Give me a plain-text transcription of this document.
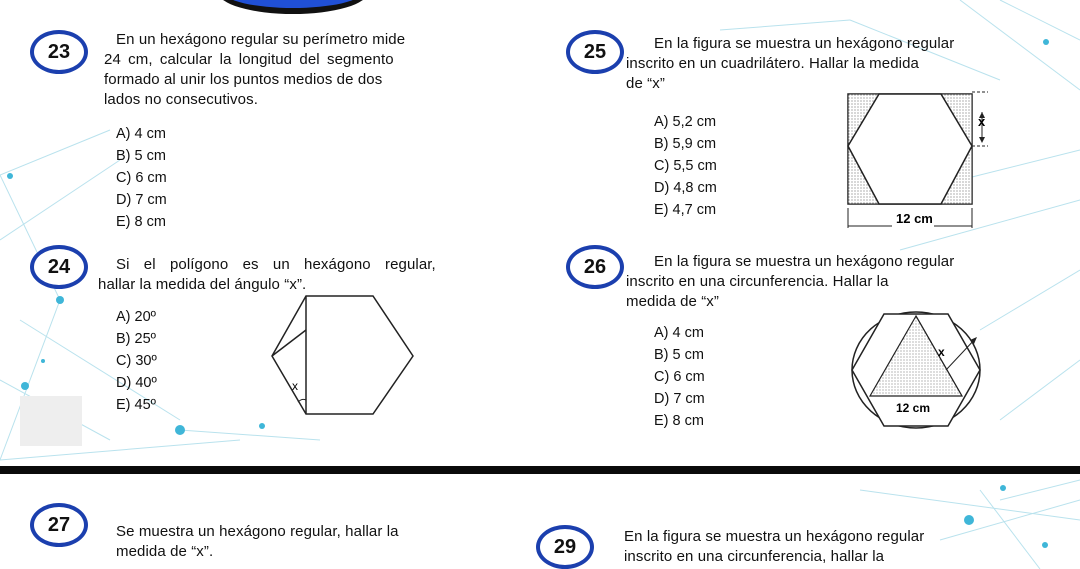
23
En un hexágono regular su perímetro mide
24 cm, calcular la longitud del segmento
formado al unir los puntos medios de dos
lados no consecutivos.
A) 4 cm
B) 5 cm
C) 6 cm
D) 7 cm
E) 8 cm
25	En la figura se muestra un hexágono regular
inscrito en un cuadrilátero. Hallar la medida
de “x”
A) 5,2 cm
B) 5,9 cm
C) 5,5 cm
D) 4,8 cm
E) 4,7 cm
x
12 cm
24	Si el polígono es un hexágono regular,
hallar la medida del ángulo “x”.
A) 20º
B) 25º
C) 30º
D) 40º
E) 45º
x
26	En la figura se muestra un hexágono regular
inscrito en una circunferencia. Hallar la
medida de “x”
A) 4 cm
B) 5 cm
C) 6 cm
D) 7 cm
E) 8 cm
x
12 cm
27	Se muestra un hexágono regular, hallar la
medida de “x”.	29	En la figura se muestra un hexágono regular
inscrito en una circunferencia, hallar la
